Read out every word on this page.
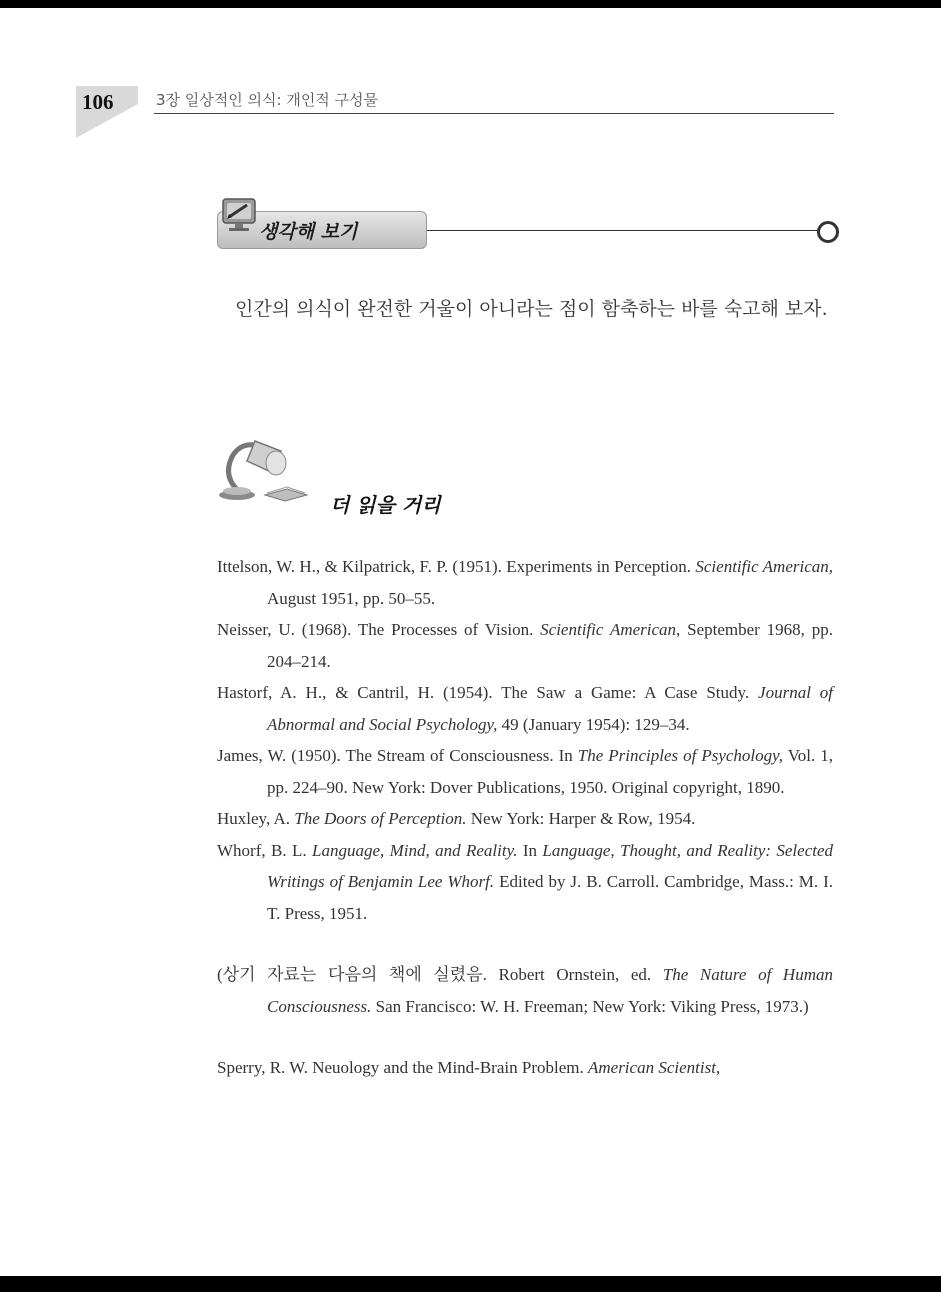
106	3장 일상적인 의식: 개인적 구성물
생각해 보기
인간의 의식이 완전한 거울이 아니라는 점이 함축하는 바를 숙고해 보자.
더 읽을 거리

Ittelson, W. H., & Kilpatrick, F. P. (1951). Experiments in Perception. Scientific American, August 1951, pp. 50–55.

Neisser, U. (1968). The Processes of Vision. Scientific American, September 1968, pp. 204–214.

Hastorf, A. H., & Cantril, H. (1954). The Saw a Game: A Case Study. Journal of Abnormal and Social Psychology, 49 (January 1954): 129–34.

James, W. (1950). The Stream of Consciousness. In The Principles of Psychology, Vol. 1, pp. 224–90. New York: Dover Publications, 1950. Original copyright, 1890.

Huxley, A. The Doors of Perception. New York: Harper & Row, 1954.

Whorf, B. L. Language, Mind, and Reality. In Language, Thought, and Reality: Selected Writings of Benjamin Lee Whorf. Edited by J. B. Carroll. Cambridge, Mass.: M. I. T. Press, 1951.

(상기 자료는 다음의 책에 실렸음. Robert Ornstein, ed. The Nature of Human Consciousness. San Francisco: W. H. Freeman; New York: Viking Press, 1973.)

Sperry, R. W. Neuology and the Mind-Brain Problem. American Scientist,
